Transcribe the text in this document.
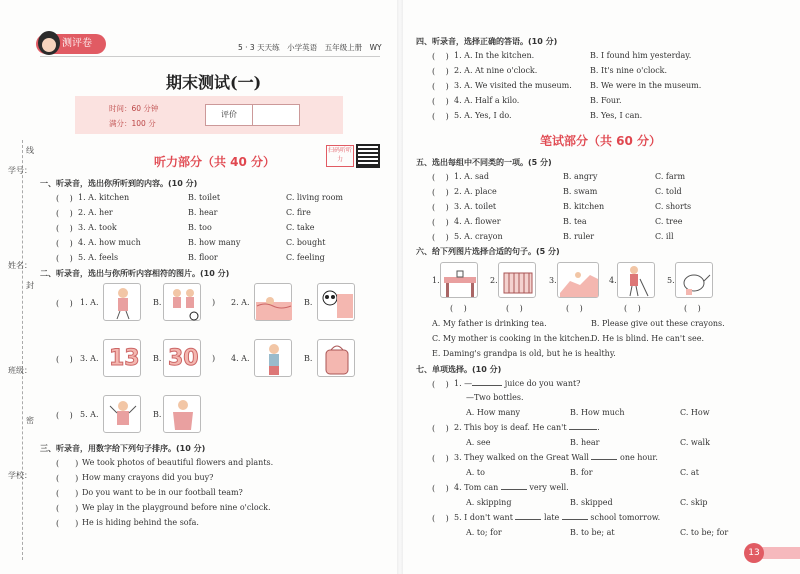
学号：
姓名：
班级：
学校：
线
封
密
测评卷	5 · 3 天天练　小学英语　五年级上册　WY
期末测试(一)
时间：60 分钟
满分：100 分
评价
扫码听听力
听力部分（共 40 分）
一、听录音，选出你所听到的内容。(10 分)
(　 ) 1. A. kitchen	B. toilet	C. living room
(　 ) 2. A. her	B. hear	C. fire
(　 ) 3. A. took	B. too	C. take
(　 ) 4. A. how much	B. how many	C. bought
(　 ) 5. A. feels	B. floor	C. feeling
二、听录音，选出与你所听内容相符的图片。(10 分)
(　 ) 1. A.	B.	) 2. A.	B.
(　 ) 3. A. 13 B. 30 ) 4. A.	B.
(　 ) 5. A.	B.
三、听录音，用数字给下列句子排序。(10 分)
(　　) We took photos of beautiful flowers and plants.
(　　) How many crayons did you buy?
(　　) Do you want to be in our football team?
(　　) We play in the playground before nine o'clock.
(　　) He is hiding behind the sofa.
四、听录音，选择正确的答语。(10 分)
(　 ) 1. A. In the kitchen.	B. I found him yesterday.
(　 ) 2. A. At nine o'clock.	B. It's nine o'clock.
(　 ) 3. A. We visited the museum. B. We were in the museum.
(　 ) 4. A. Half a kilo.	B. Four.
(　 ) 5. A. Yes, I do.	B. Yes, I can.
笔试部分（共 60 分）
五、选出每组中不同类的一项。(5 分)
(　 ) 1. A. sad	B. angry	C. farm
(　 ) 2. A. place	B. swam	C. told
(　 ) 3. A. toilet	B. kitchen	C. shorts
(　 ) 4. A. flower	B. tea	C. tree
(　 ) 5. A. crayon	B. ruler	C. ill
六、给下列图片选择合适的句子。(5 分)
1.
(　 )
2.
(　 )
3.
(　 )
4.
(　 )
5.
(　 )
A. My father is drinking tea.	B. Please give out these crayons.
C. My mother is cooking in the kitchen.
D. He is blind. He can't see.
E. Daming's grandpa is old, but he is healthy.
七、单项选择。(10 分)
(　 ) 1. —	juice do you want?
—Two bottles.
A. How many	B. How much	C. How
(　 ) 2. This boy is deaf. He can't	.
A. see	B. hear	C. walk
(　 ) 3. They walked on the Great Wall	one hour.
A. to	B. for	C. at
(　 ) 4. Tom can	very well.
A. skipping	B. skipped	C. skip
(　 ) 5. I don't want	late	school tomorrow.
A. to; for	B. to be; at	C. to be; for
13
